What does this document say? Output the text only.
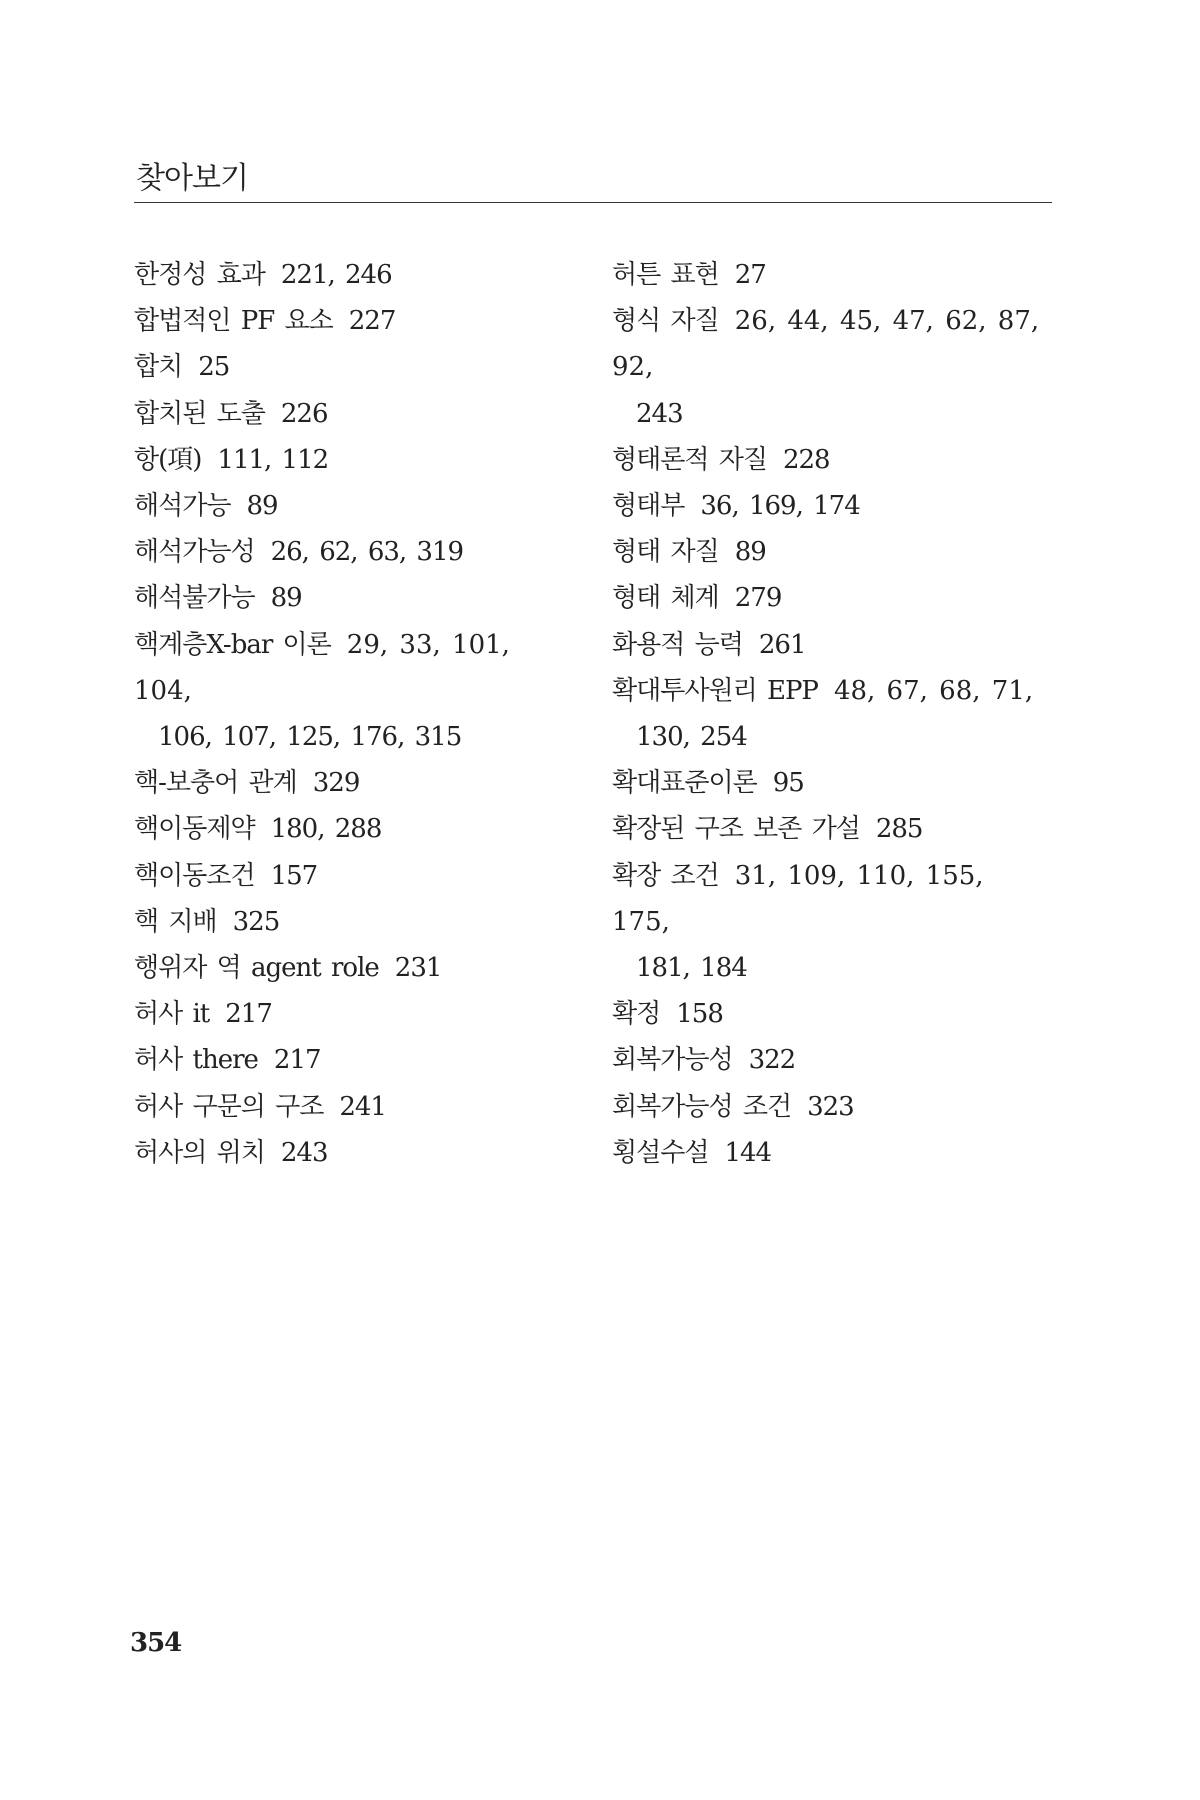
찾아보기
한정성 효과 221, 246
합법적인 PF 요소 227
합치 25
합치된 도출 226
항(項) 111, 112
해석가능 89
해석가능성 26, 62, 63, 319
해석불가능 89
핵계층X-bar 이론 29, 33, 101, 104,
106, 107, 125, 176, 315
핵-보충어 관계 329
핵이동제약 180, 288
핵이동조건 157
핵 지배 325
행위자 역 agent role 231
허사 it 217
허사 there 217
허사 구문의 구조 241
허사의 위치 243
허튼 표현 27
형식 자질 26, 44, 45, 47, 62, 87, 92,
243
형태론적 자질 228
형태부 36, 169, 174
형태 자질 89
형태 체계 279
화용적 능력 261
확대투사원리 EPP 48, 67, 68, 71,
130, 254
확대표준이론 95
확장된 구조 보존 가설 285
확장 조건 31, 109, 110, 155, 175,
181, 184
확정 158
회복가능성 322
회복가능성 조건 323
횡설수설 144
354
